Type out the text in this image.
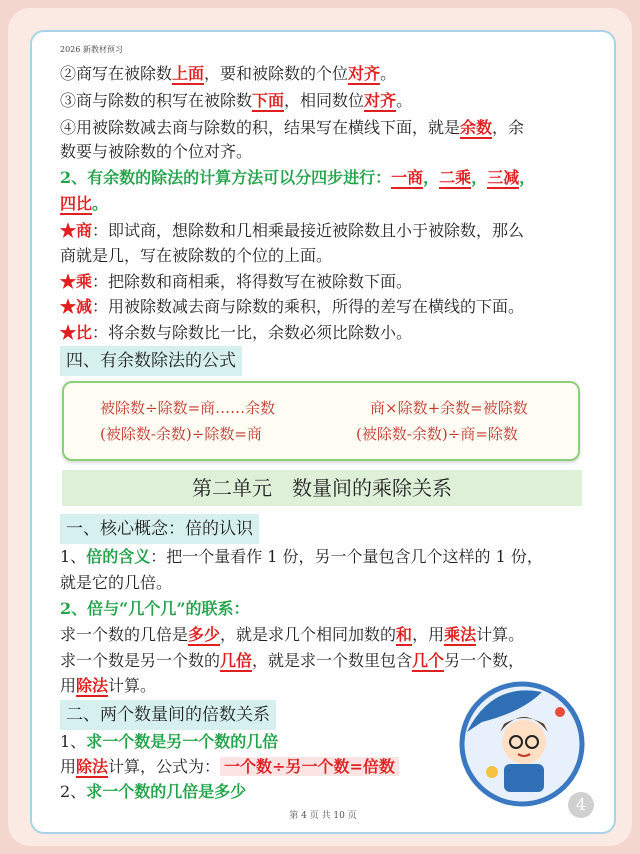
2026 新教材预习
②商写在被除数上面，要和被除数的个位对齐。
③商与除数的积写在被除数下面，相同数位对齐。
④用被除数减去商与除数的积，结果写在横线下面，就是余数，余
数要与被除数的个位对齐。
2、有余数的除法的计算方法可以分四步进行：一商，二乘，三减，
四比。
★商：即试商，想除数和几相乘最接近被除数且小于被除数，那么
商就是几，写在被除数的个位的上面。
★乘：把除数和商相乘，将得数写在被除数下面。
★减：用被除数减去商与除数的乘积，所得的差写在横线的下面。
★比：将余数与除数比一比，余数必须比除数小。
四、有余数除法的公式
被除数÷除数=商……余数	商×除数+余数=被除数
(被除数-余数)÷除数=商	(被除数-余数)÷商=除数
第二单元　数量间的乘除关系
一、核心概念：倍的认识
1、倍的含义：把一个量看作 1 份，另一个量包含几个这样的 1 份，
就是它的几倍。
2、倍与“几个几”的联系：
求一个数的几倍是多少，就是求几个相同加数的和，用乘法计算。
求一个数是另一个数的几倍，就是求一个数里包含几个另一个数，
用除法计算。
二、两个数量间的倍数关系
1、求一个数是另一个数的几倍
用除法计算，公式为： 一个数÷另一个数=倍数
2、求一个数的几倍是多少
第 4 页 共 10 页
4
